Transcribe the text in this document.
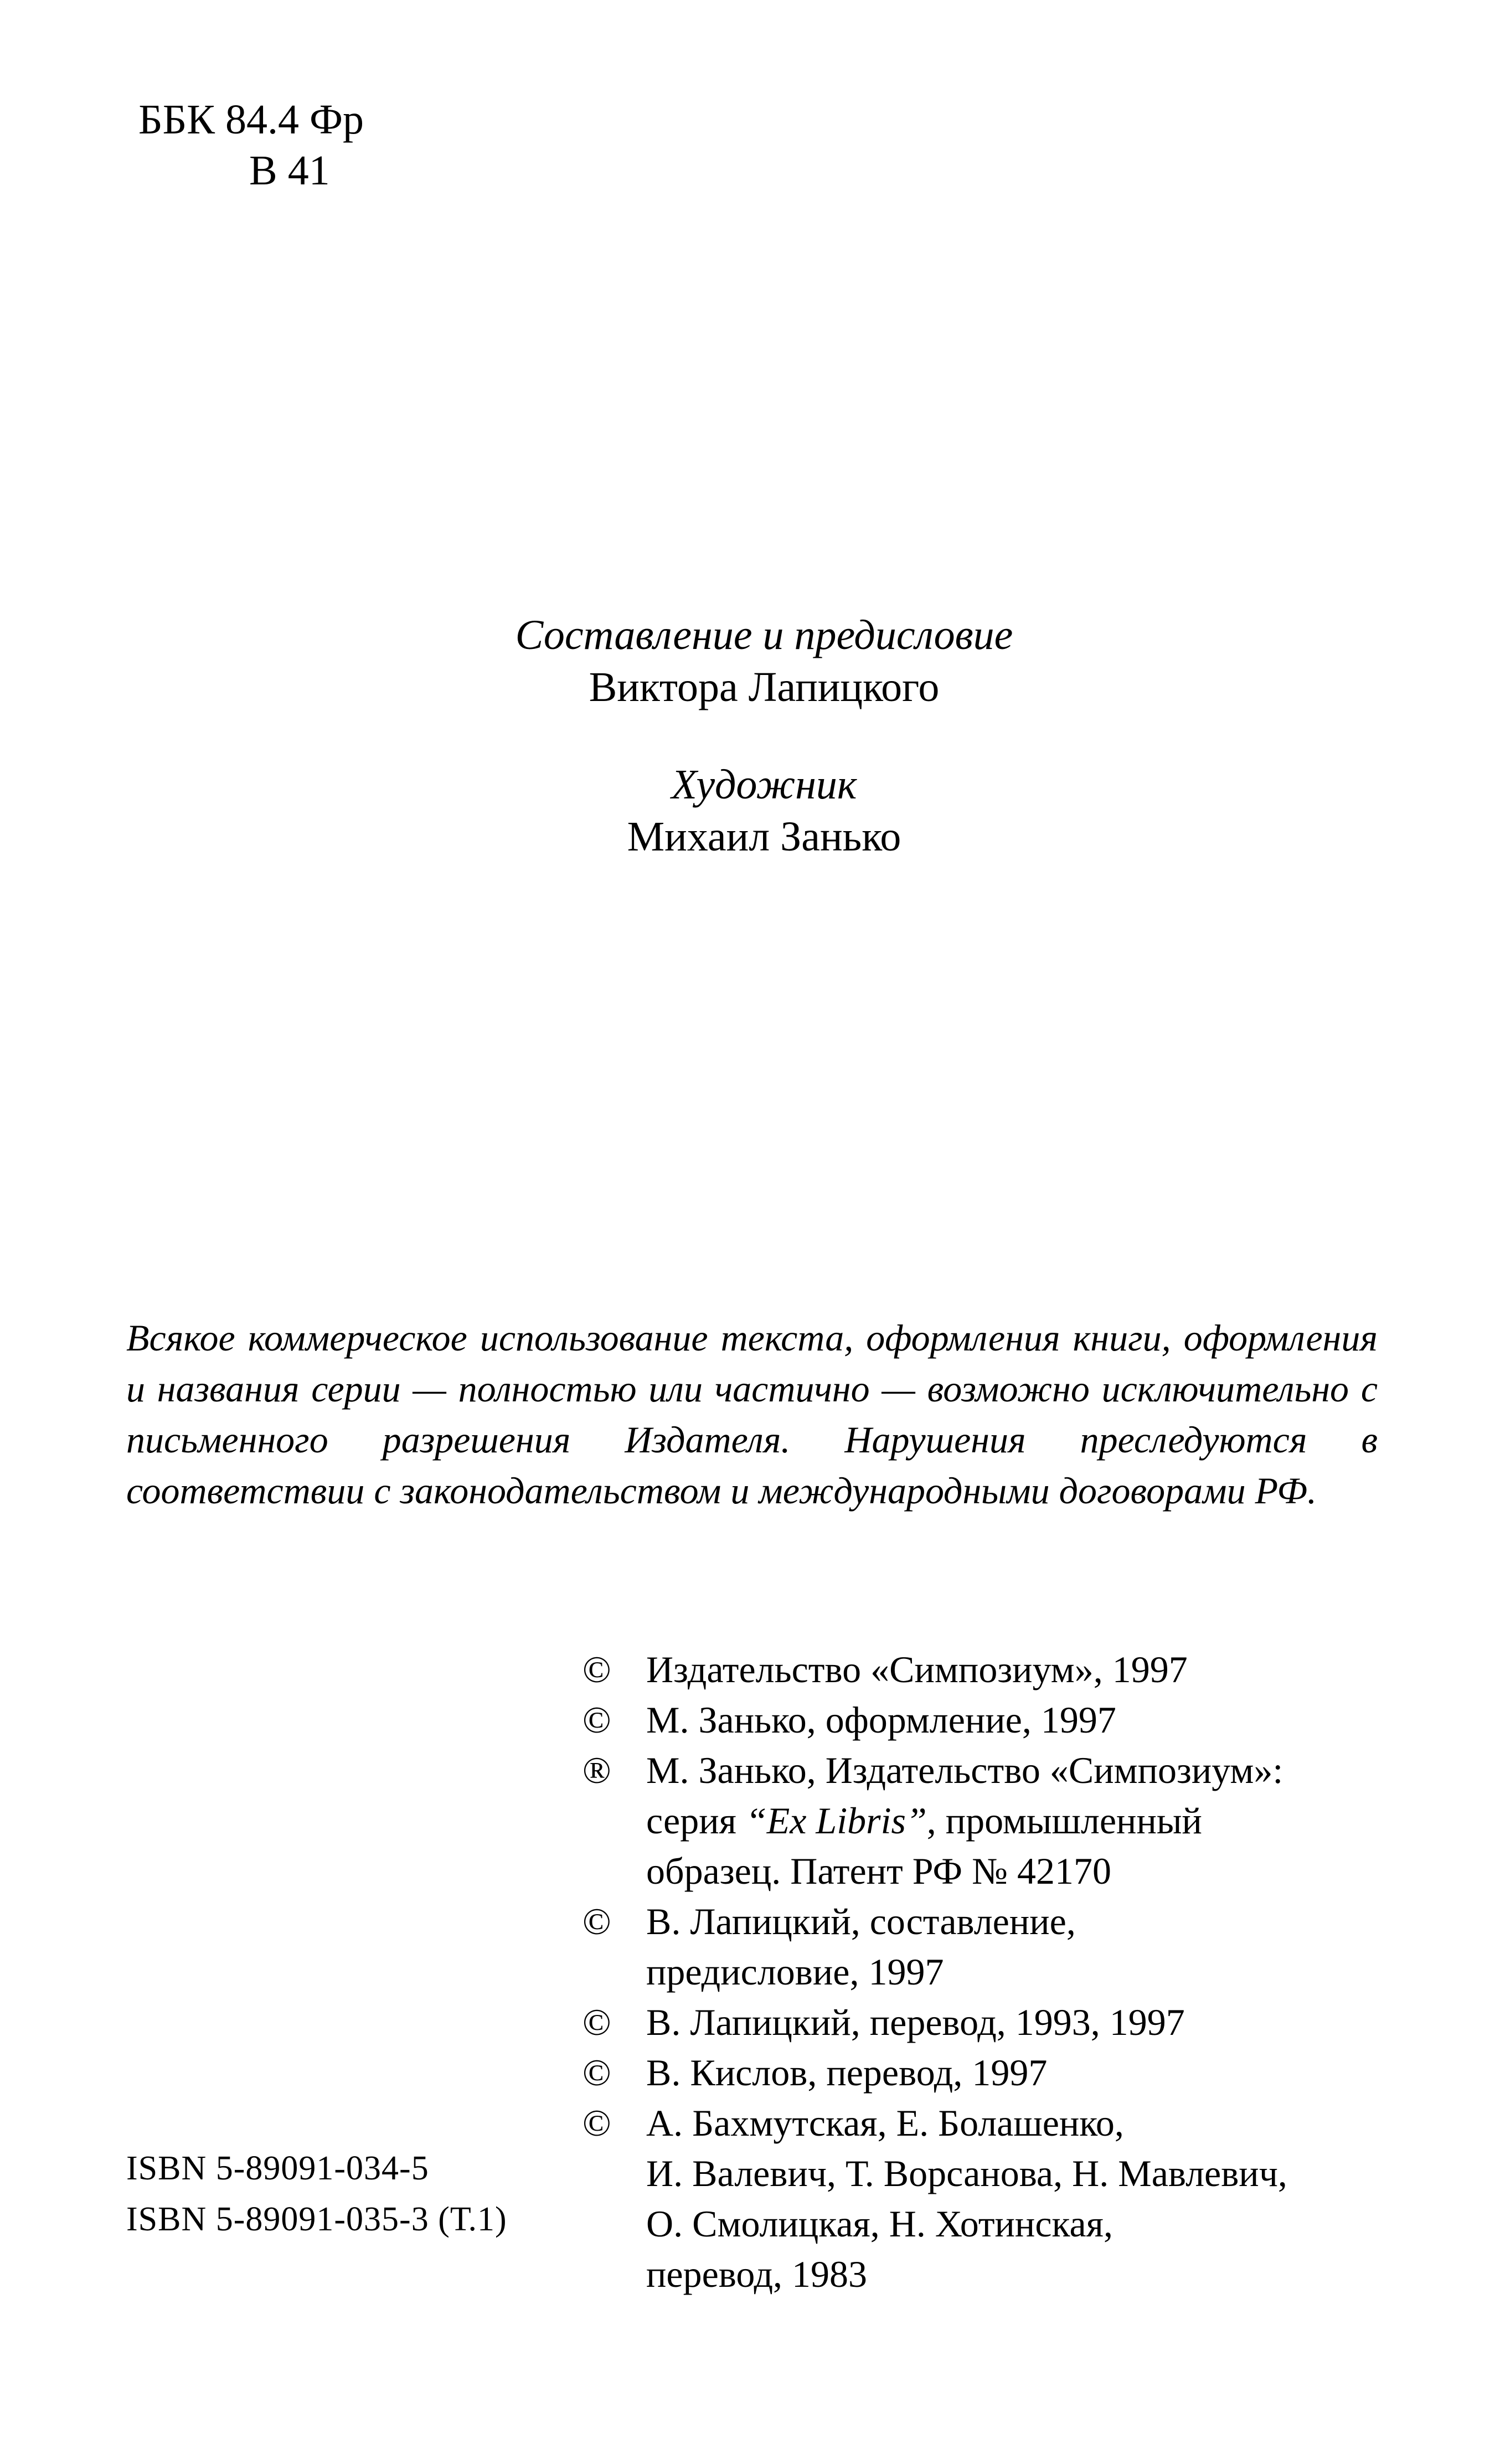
ББК 84.4 Фр
В 41
Составление и предисловие
Виктора Лапицкого
Художник
Михаил Занько
Всякое коммерческое использование текста, оформления книги, оформления и названия серии — полностью или частично — возможно исключительно с письменного разрешения Издателя. Нарушения преследуются в соответствии с законодательством и международными договорами РФ.
© Издательство «Симпозиум», 1997
© М. Занько, оформление, 1997
® М. Занько, Издательство «Симпозиум»:
серия “Ex Libris”, промышленный
образец. Патент РФ № 42170
© В. Лапицкий, составление,
предисловие, 1997
© В. Лапицкий, перевод, 1993, 1997
© В. Кислов, перевод, 1997
© А. Бахмутская, Е. Болашенко,
И. Валевич, Т. Ворсанова, Н. Мавлевич,
О. Смолицкая, Н. Хотинская,
перевод, 1983
ISBN 5-89091-034-5
ISBN 5-89091-035-3 (Т.1)
